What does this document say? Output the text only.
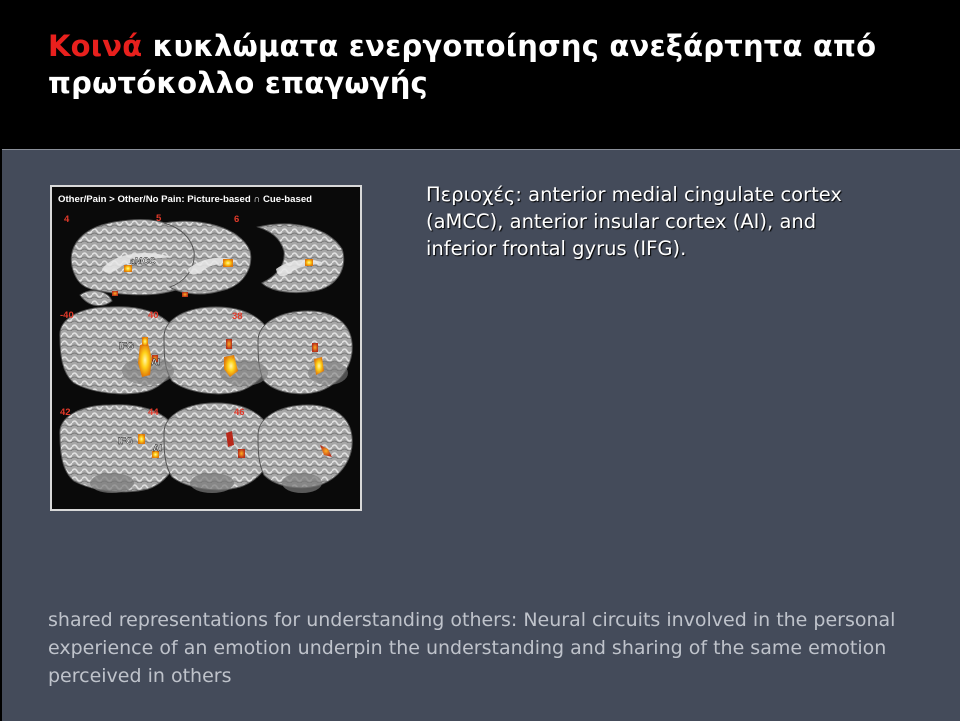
Κοινά κυκλώματα ενεργοποίησης ανεξάρτητα από πρωτόκολλο επαγωγής
Other/Pain > Other/No Pain: Picture-based ∩ Cue-based
4	5	6
aMCC
-40	40	38
IFG
AI
42	44	46
IFG
AI
Περιοχές: anterior medial cingulate cortex (aMCC), anterior insular cortex (AI), and inferior frontal gyrus (IFG).
shared representations for understanding others: Neural circuits involved in the personal experience of an emotion underpin the understanding and sharing of the same emotion perceived in others
